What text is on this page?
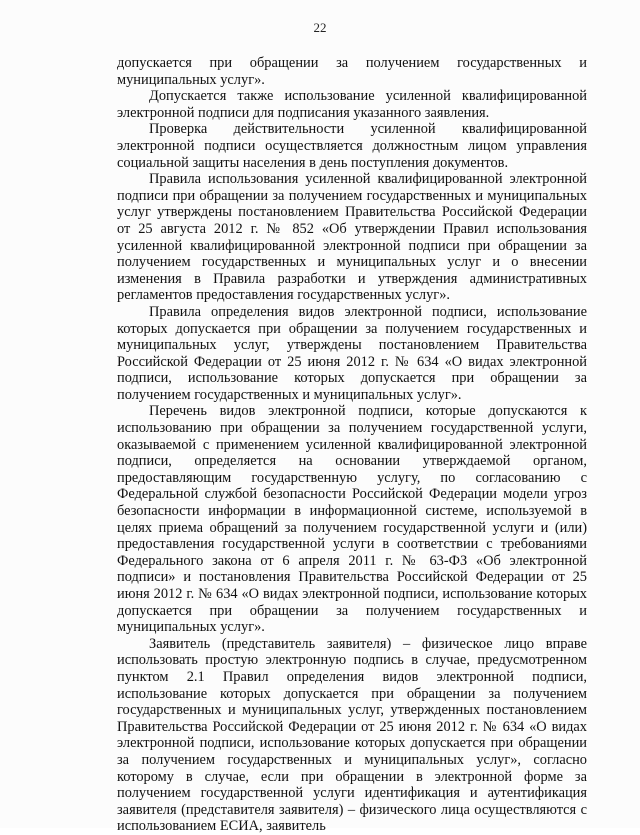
22

допускается при обращении за получением государственных и муниципальных услуг».

Допускается также использование усиленной квалифицированной электронной подписи для подписания указанного заявления.

Проверка действительности усиленной квалифицированной электронной подписи осуществляется должностным лицом управления социальной защиты населения в день поступления документов.

Правила использования усиленной квалифицированной электронной подписи при обращении за получением государственных и муниципальных услуг утверждены постановлением Правительства Российской Федерации от 25 августа 2012 г. № 852 «Об утверждении Правил использования усиленной квалифицированной электронной подписи при обращении за получением государственных и муниципальных услуг и о внесении изменения в Правила разработки и утверждения административных регламентов предоставления государственных услуг».

Правила определения видов электронной подписи, использование которых допускается при обращении за получением государственных и муниципальных услуг, утверждены постановлением Правительства Российской Федерации от 25 июня 2012 г. № 634 «О видах электронной подписи, использование которых допускается при обращении за получением государственных и муниципальных услуг».

Перечень видов электронной подписи, которые допускаются к использованию при обращении за получением государственной услуги, оказываемой с применением усиленной квалифицированной электронной подписи, определяется на основании утверждаемой органом, предоставляющим государственную услугу, по согласованию с Федеральной службой безопасности Российской Федерации модели угроз безопасности информации в информационной системе, используемой в целях приема обращений за получением государственной услуги и (или) предоставления государственной услуги в соответствии с требованиями Федерального закона от 6 апреля 2011 г. № 63-ФЗ «Об электронной подписи» и постановления Правительства Российской Федерации от 25 июня 2012 г. № 634 «О видах электронной подписи, использование которых допускается при обращении за получением государственных и муниципальных услуг».

Заявитель (представитель заявителя) – физическое лицо вправе использовать простую электронную подпись в случае, предусмотренном пунктом 2.1 Правил определения видов электронной подписи, использование которых допускается при обращении за получением государственных и муниципальных услуг, утвержденных постановлением Правительства Российской Федерации от 25 июня 2012 г. № 634 «О видах электронной подписи, использование которых допускается при обращении за получением государственных и муниципальных услуг», согласно которому в случае, если при обращении в электронной форме за получением государственной услуги идентификация и аутентификация заявителя (представителя заявителя) – физического лица осуществляются с использованием ЕСИА, заявитель
